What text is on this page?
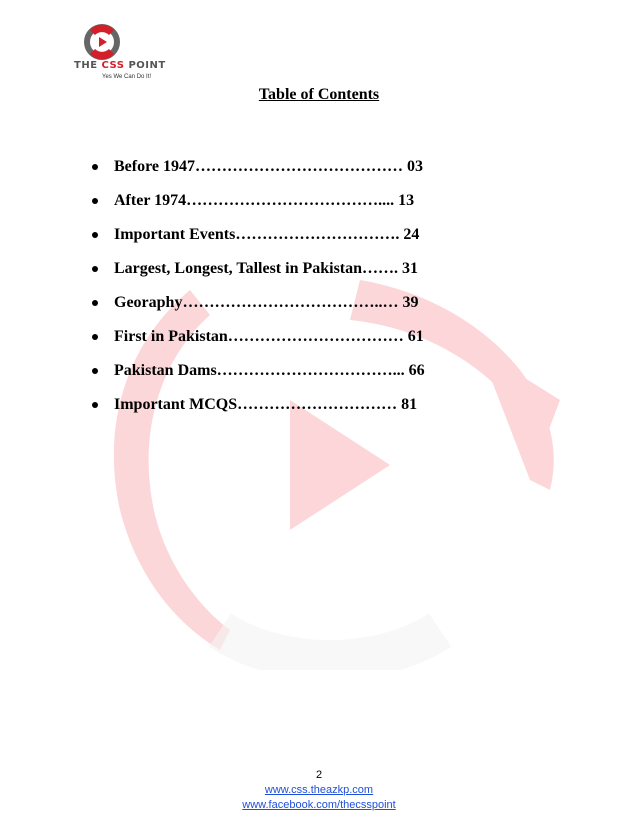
THE CSS POINT
Yes We Can Do It!
Table of Contents
Before 1947………………………………… 03
After 1974……………………………….... 13
Important Events…………………………. 24
Largest, Longest, Tallest in Pakistan……. 31
Georaphy………………………………..… 39
First in Pakistan…………………………… 61
Pakistan Dams……………………………... 66
Important MCQS………………………… 81
2
www.css.theazkp.com
www.facebook.com/thecsspoint
